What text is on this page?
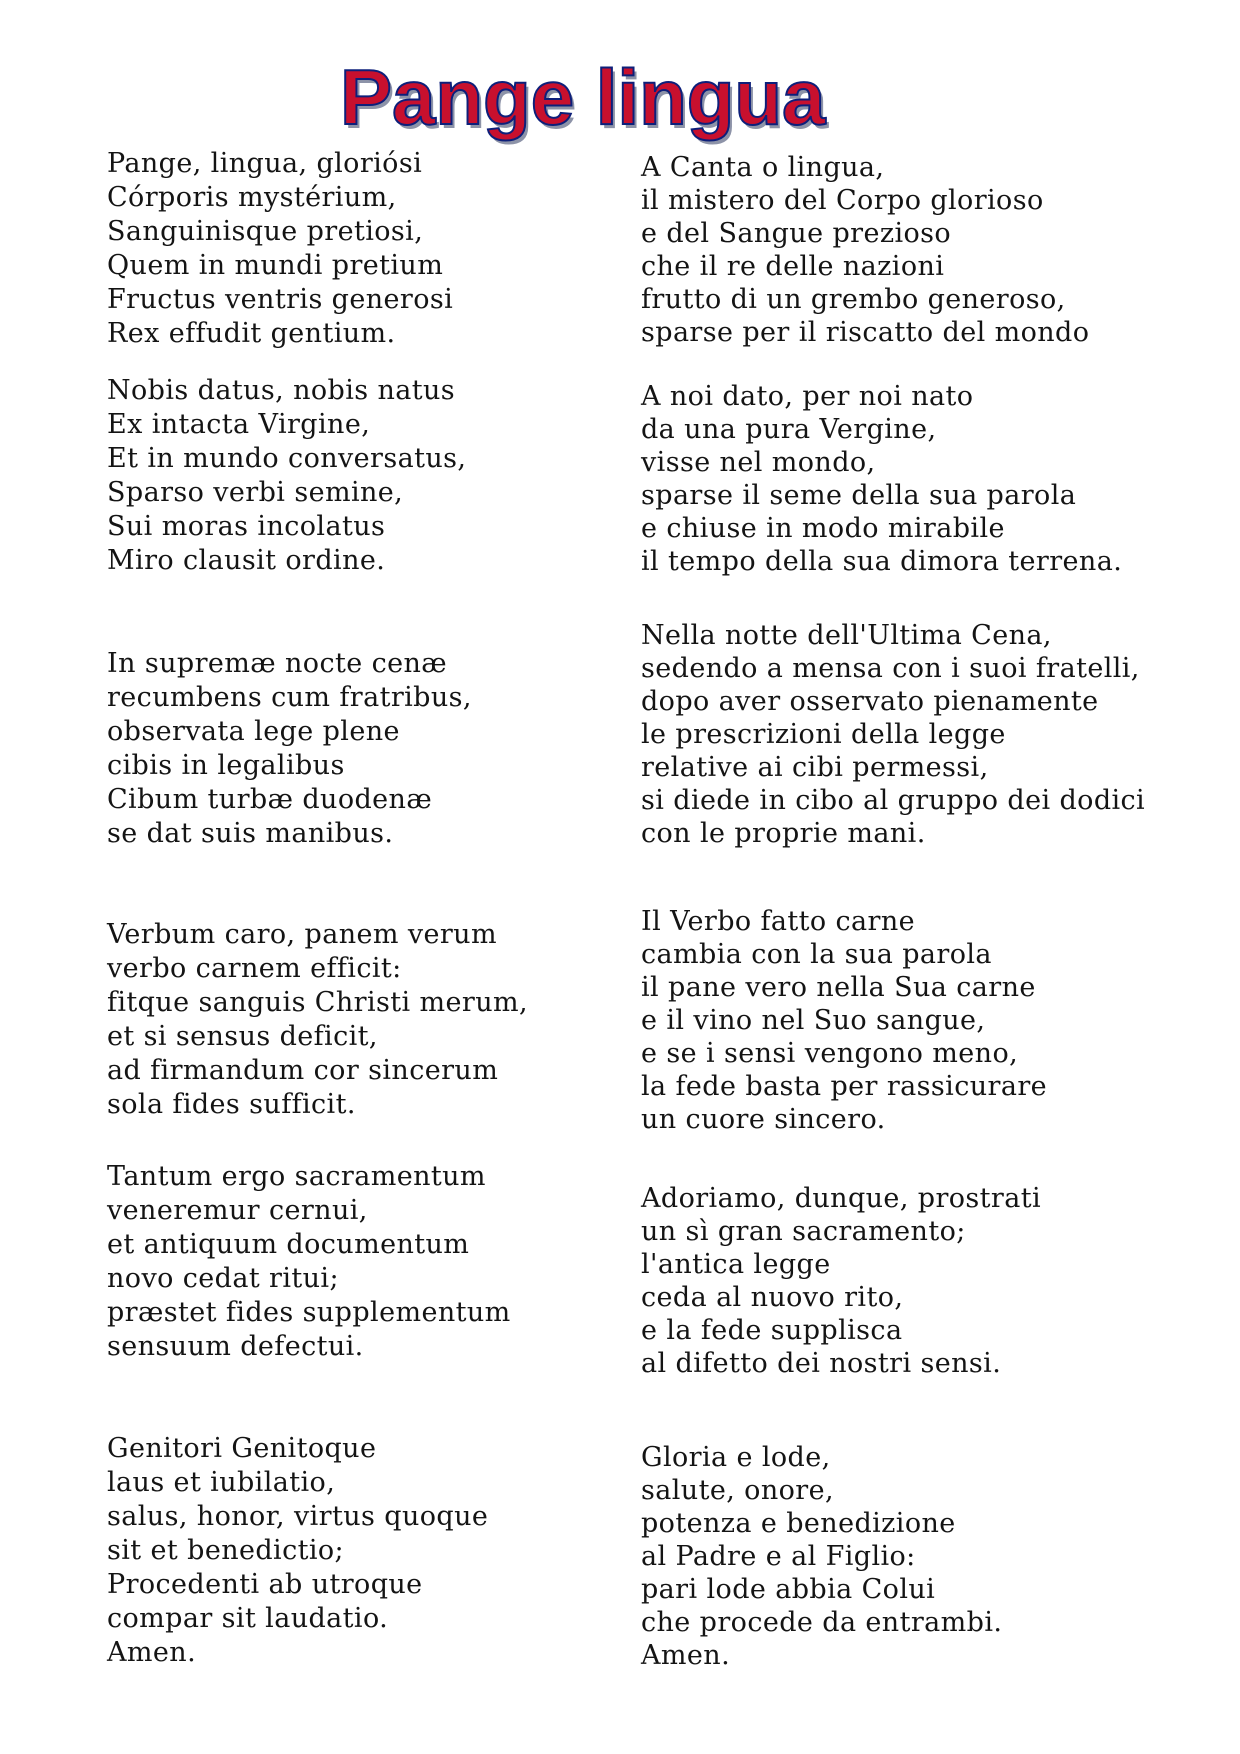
Pange lingua
Pange, lingua, gloriósi
Córporis mystérium,
Sanguinisque pretiosi,
Quem in mundi pretium
Fructus ventris generosi
Rex effudit gentium.
Nobis datus, nobis natus
Ex intacta Virgine,
Et in mundo conversatus,
Sparso verbi semine,
Sui moras incolatus
Miro clausit ordine.
In supremæ nocte cenæ
recumbens cum fratribus,
observata lege plene
cibis in legalibus
Cibum turbæ duodenæ
se dat suis manibus.
Verbum caro, panem verum
verbo carnem efficit:
fitque sanguis Christi merum,
et si sensus deficit,
ad firmandum cor sincerum
sola fides sufficit.
Tantum ergo sacramentum
veneremur cernui,
et antiquum documentum
novo cedat ritui;
præstet fides supplementum
sensuum defectui.
Genitori Genitoque
laus et iubilatio,
salus, honor, virtus quoque
sit et benedictio;
Procedenti ab utroque
compar sit laudatio.
Amen.
A Canta o lingua,
il mistero del Corpo glorioso
e del Sangue prezioso
che il re delle nazioni
frutto di un grembo generoso,
sparse per il riscatto del mondo
A noi dato, per noi nato
da una pura Vergine,
visse nel mondo,
sparse il seme della sua parola
e chiuse in modo mirabile
il tempo della sua dimora terrena.
Nella notte dell'Ultima Cena,
sedendo a mensa con i suoi fratelli,
dopo aver osservato pienamente
le prescrizioni della legge
relative ai cibi permessi,
si diede in cibo al gruppo dei dodici
con le proprie mani.
Il Verbo fatto carne
cambia con la sua parola
il pane vero nella Sua carne
e il vino nel Suo sangue,
e se i sensi vengono meno,
la fede basta per rassicurare
un cuore sincero.
Adoriamo, dunque, prostrati
un sì gran sacramento;
l'antica legge
ceda al nuovo rito,
e la fede supplisca
al difetto dei nostri sensi.
Gloria e lode,
salute, onore,
potenza e benedizione
al Padre e al Figlio:
pari lode abbia Colui
che procede da entrambi.
Amen.
